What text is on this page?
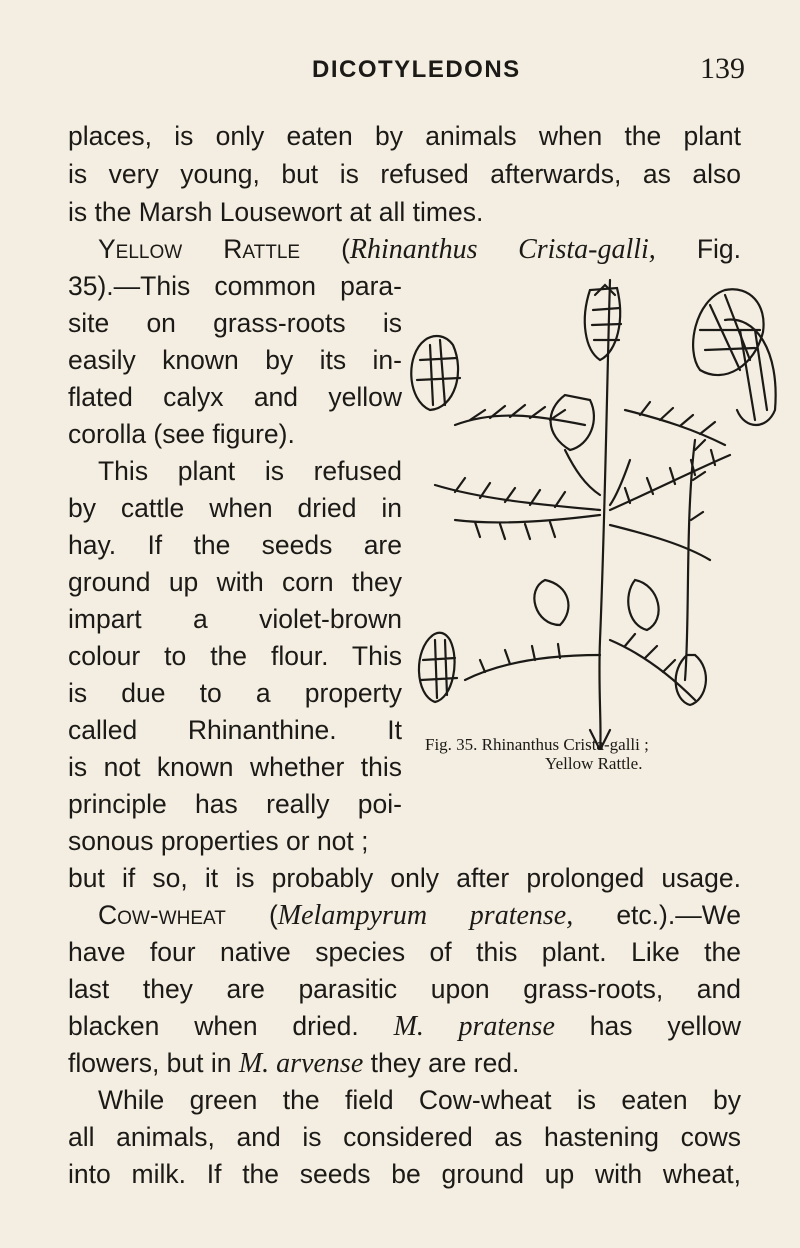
DICOTYLEDONS	139
places, is only eaten by animals when the plant
is very young, but is refused afterwards, as also
is the Marsh Lousewort at all times.
Yellow Rattle (Rhinanthus Crista-galli, Fig.
35).—This common para-
site on grass-roots is
easily known by its in-
flated calyx and yellow
corolla (see figure).
This plant is refused
by cattle when dried in
hay. If the seeds are
ground up with corn they
impart a violet-brown
colour to the flour. This
is due to a property
called Rhinanthine. It
is not known whether this
principle has really poi-
sonous properties or not ;
but if so, it is probably only after prolonged usage.
Cow-wheat (Melampyrum pratense, etc.).—We
have four native species of this plant. Like the
last they are parasitic upon grass-roots, and
blacken when dried. M. pratense has yellow
flowers, but in M. arvense they are red.
While green the field Cow-wheat is eaten by
all animals, and is considered as hastening cows
into milk. If the seeds be ground up with wheat,
Fig. 35. Rhinanthus Crista-galli ;
Yellow Rattle.
